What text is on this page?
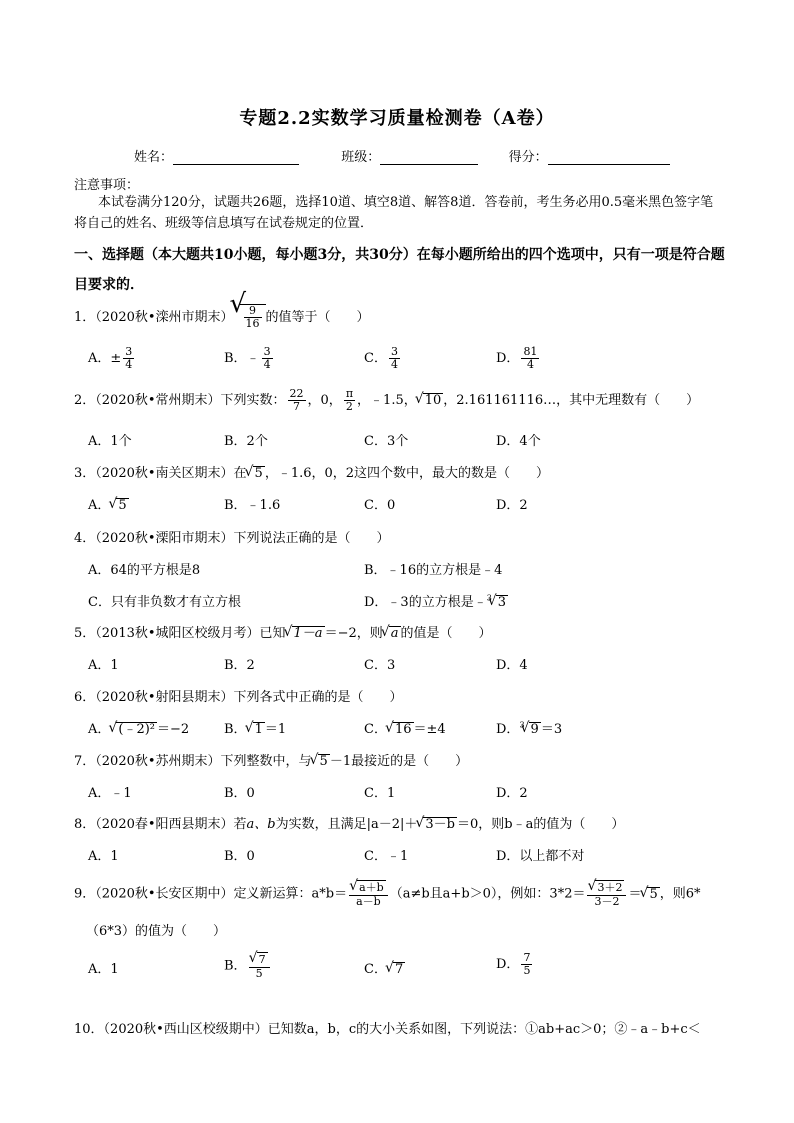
专题2.2实数学习质量检测卷（A卷）
姓名：	班级：	得分：
注意事项：
本试卷满分120分，试题共26题，选择10道、填空8道、解答8道．答卷前，考生务必用0.5毫米黑色签字笔将自己的姓名、班级等信息填写在试卷规定的位置．
一、选择题（本大题共10小题，每小题3分，共30分）在每小题所给出的四个选项中，只有一项是符合题目要求的．
1．（2020秋•滦州市期末） √ $\frac{9}{16}$ 的值等于（　　）
A．± $\frac{3}{4}$	B．﹣ $\frac{3}{4}$	C． $\frac{3}{4}$	D． $\frac{81}{4}$
2．（2020秋•常州期末）下列实数： $\frac{22}{7}$ ，0， $\frac{\pi}{2}$ ，﹣1.5， √ 10 ，2.161161116…，其中无理数有（　　）
A．1个	B．2个	C．3个	D．4个
3．（2020秋•南关区期末）在 √ 5 ，﹣1.6，0，2这四个数中，最大的数是（　　）
A． √ 5	B．﹣1.6	C．0	D．2
4．（2020秋•溧阳市期末）下列说法正确的是（　　）
A．64的平方根是8	B．﹣16的立方根是﹣4
C．只有非负数才有立方根	D．﹣3的立方根是﹣$^3$ √ 3
5．（2013秋•城阳区校级月考）已知 √ 1－a ＝−2，则 √ a 的值是（　　）
A．1	B．2	C．3	D．4
6．（2020秋•射阳县期末）下列各式中正确的是（　　）
A． √ (﹣2)² ＝−2	B． √ 1 ＝1	C． √ 16 ＝±4	D．$^3$ √ 9 ＝3
7．（2020秋•苏州期末）下列整数中，与 √ 5 －1最接近的是（　　）
A．﹣1	B．0	C．1	D．2
8．（2020春•阳西县期末）若a、b为实数，且满足|a－2|＋ √ 3－b ＝0，则b﹣a的值为（　　）
A．1	B．0	C．﹣1	D．以上都不对
9．（2020秋•长安区期中）定义新运算：a*b＝ √ $\frac{a+b}{a-b} (a\ne b$且a+b＞0），例如：3*2＝ √ $\frac{3+2}{3-2}$ ＝ √ 5 ，则6*
（6*3）的值为（　　）
A．1	B． √ $\frac{7}{5}$	C． √ 7	D． $\frac{7}{5}$
10．（2020秋•西山区校级期中）已知数a，b，c的大小关系如图，下列说法：①ab+ac＞0；②﹣a﹣b+c＜
